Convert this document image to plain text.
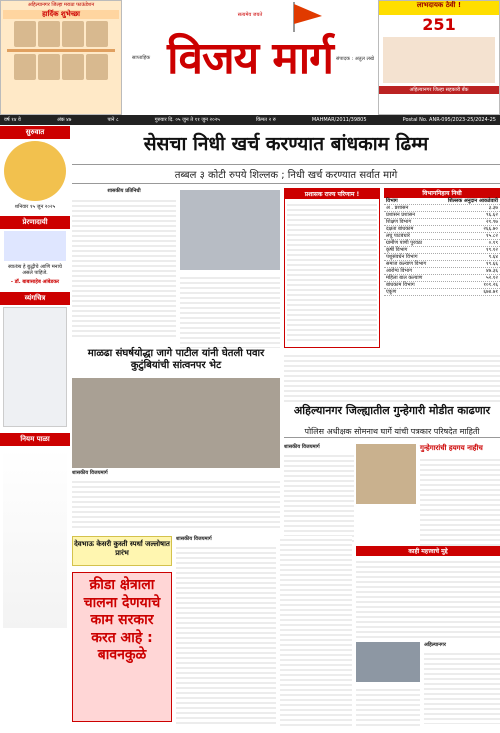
अहिल्यानगर जिल्हा मराठा फाऊंडेशन
हार्दिक शुभेच्छा	सत्यमेव जयते
विजय मार्ग
साप्ताहिक	संपादक : अतुल लखे
लाभदायक ठेवी !
251
अहिल्यानगर जिल्हा सहकारी बँक
वर्ष १४ वे	अंक ४७	पाने ८	गुरुवार दि. ०५ जुन ते ११ जुन २०२५	किंमत २ रु	MAHMAR/2011/39805	Postal No. ANR-095/2023-25/2024-25
सुरुवात
शनिवार १५ जुन २०२५
प्रेरणादायी
स्वातंत्र्य हे बुद्धीचे आणि मनाचे असले पाहिजे.
- डॉ. बाबासाहेब आंबेडकर
व्यंगचित्र
नियम पाळा
सेसचा निधी खर्च करण्यात बांधकाम ढिम्म
तब्बल ३ कोटी रुपये शिल्लक ; निधी खर्च करण्यात सर्वात मागे
शासकीय प्रतिनिधी	प्रशासक राज्य परिणाम !	विभागनिहाय निधी
विभाग	शिल्लक अनुदान आकडेवारी
अ . प्रशासन	३.३७
प्रशासन प्रशासन	९६.६२
शिक्षण विभाग	२१.९७
दक्षता बांधकाम	२६६.७०
लघु पाटबंधारे	१५.८२
ग्रामीण पाणी पुरवठा	०.१९
कृषी विभाग	१९.१२
पशुसंवर्धन विभाग	९.६४
समाज कल्याण विभाग	१९.६६
आरोग्य विभाग	४७.३६
महिला बाल कल्याण	५२.१२
बांधकाम विभाग	१०१.२६
एकूण	६७४.७१
माळढा संघर्षयोद्धा जागे पाटील यांनी घेतली पवार कुटुंबियांची सांत्वनपर भेट
शासकीय विजयमार्ग
अहिल्यानगर जिल्ह्यातील गुन्हेगारी मोडीत काढणार
पोलिस अधीक्षक सोमनाथ घार्गे यांची पत्रकार परिषदेत माहिती
शासकीय विजयमार्ग	गुन्हेगारांची हयगय नाहीच
काही महत्त्वाचे मुद्दे
देवभाऊ केसरी कुस्ती स्पर्धा जल्लोषात प्रारंभ
क्रीडा क्षेत्राला चालना देणयाचे काम सरकार करत आहे : बावनकुळे
शासकीय विजयमार्ग
अहिल्यानगर
